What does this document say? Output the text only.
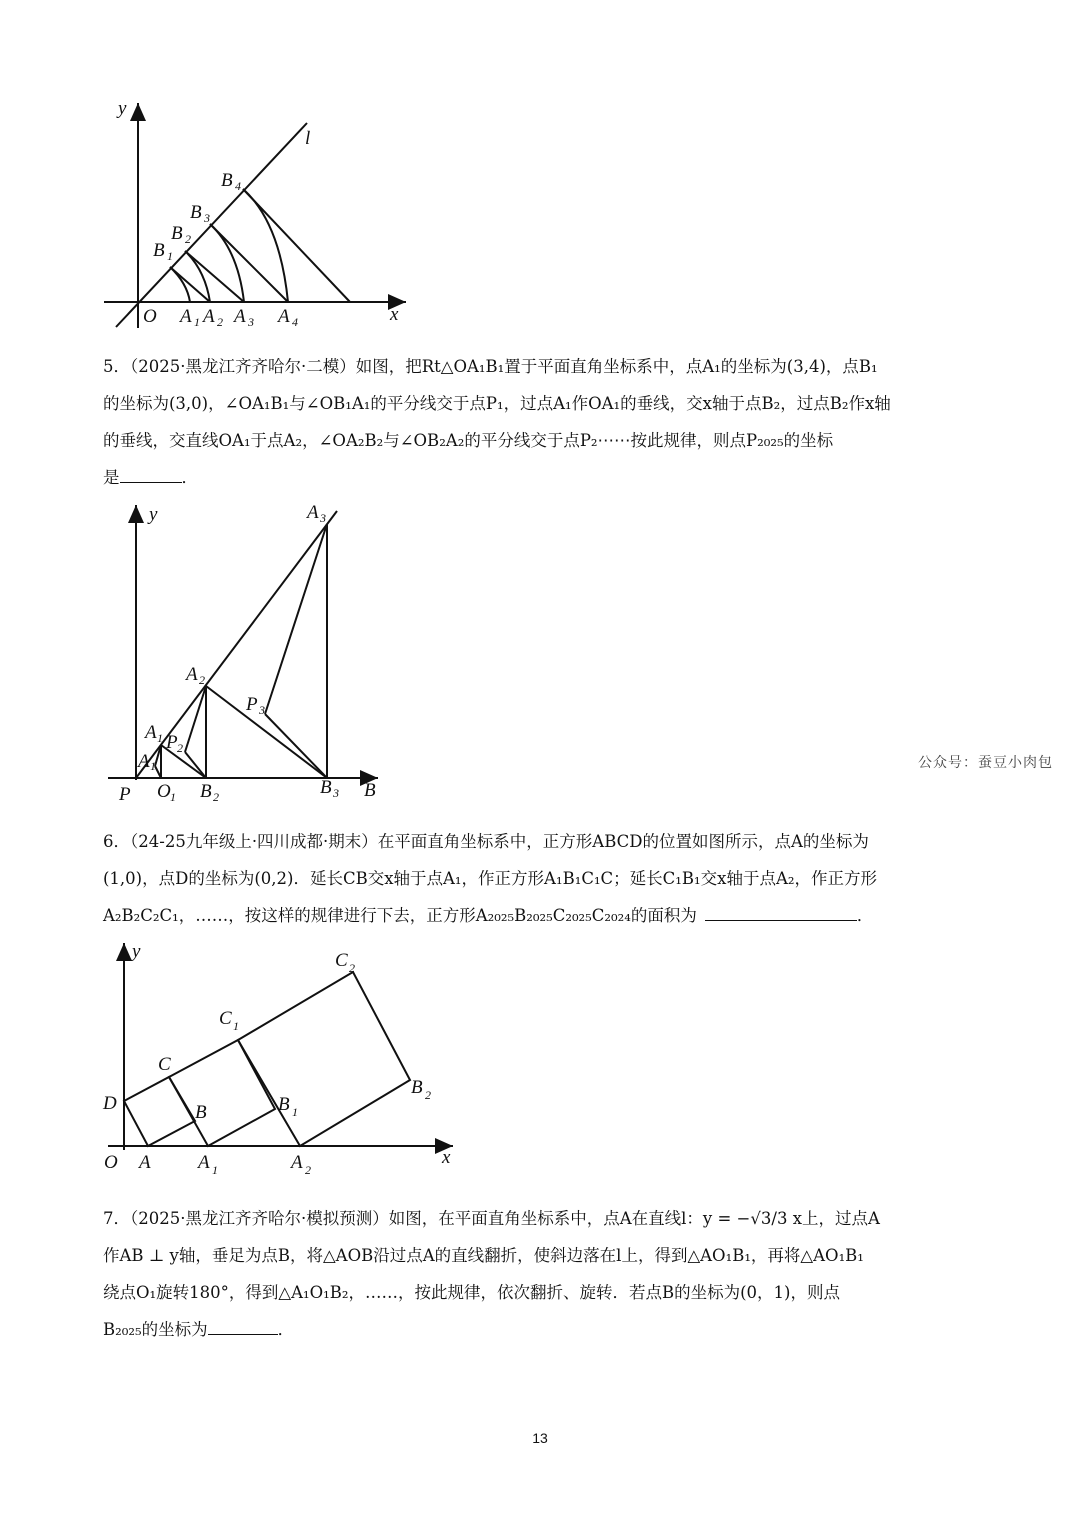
y
l
B 4
B 3
B 2
B 1
O A 1 A 2 A 3 A 4	x

5．（2025·黑龙江齐齐哈尔·二模）如图，把Rt△OA₁B₁置于平面直角坐标系中，点A₁的坐标为(3,4)，点B₁

的坐标为(3,0)，∠OA₁B₁与∠OB₁A₁的平分线交于点P₁，过点A₁作OA₁的垂线，交x轴于点B₂，过点B₂作x轴

的垂线，交直线OA₁于点A₂，∠OA₂B₂与∠OB₂A₂的平分线交于点P₂⋯⋯按此规律，则点P₂₀₂₅的坐标

是	．

y	A 3
A 2
P 3
A 1 P 2
A 1
P O 1 B 2	B 3 B
公众号：蚕豆小肉包

6．（24-25九年级上·四川成都·期末）在平面直角坐标系中，正方形ABCD的位置如图所示，点A的坐标为

(1,0)，点D的坐标为(0,2)．延长CB交x轴于点A₁，作正方形A₁B₁C₁C；延长C₁B₁交x轴于点A₂，作正方形

A₂B₂C₂C₁，……，按这样的规律进行下去，正方形A₂₀₂₅B₂₀₂₅C₂₀₂₅C₂₀₂₄的面积为	．

y	C 2
C 1
C
D	B	B 1
B 2
O A A 1	A 2
x

7．（2025·黑龙江齐齐哈尔·模拟预测）如图，在平面直角坐标系中，点A在直线l：y = −√3/3 x上，过点A

作AB ⊥ y轴，垂足为点B，将△AOB沿过点A的直线翻折，使斜边落在l上，得到△AO₁B₁，再将△AO₁B₁

绕点O₁旋转180°，得到△A₁O₁B₂，……，按此规律，依次翻折、旋转．若点B的坐标为(0，1)，则点

B₂₀₂₅的坐标为	．

13
